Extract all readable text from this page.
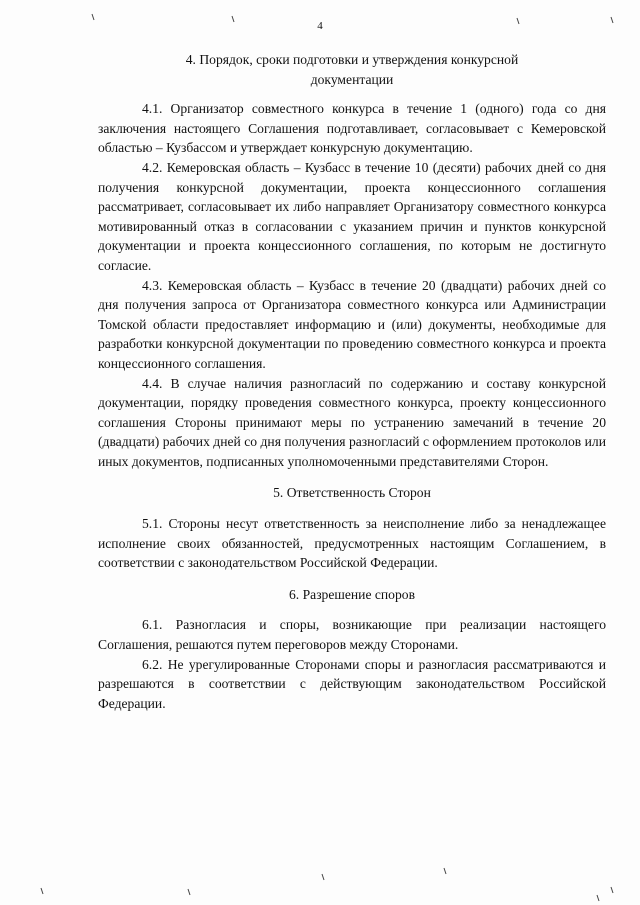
4

4. Порядок, сроки подготовки и утверждения конкурсной
документации

4.1. Организатор совместного конкурса в течение 1 (одного) года со дня заключения настоящего Соглашения подготавливает, согласовывает с Кемеровской областью – Кузбассом и утверждает конкурсную документацию.

4.2. Кемеровская область – Кузбасс в течение 10 (десяти) рабочих дней со дня получения конкурсной документации, проекта концессионного соглашения рассматривает, согласовывает их либо направляет Организатору совместного конкурса мотивированный отказ в согласовании с указанием причин и пунктов конкурсной документации и проекта концессионного соглашения, по которым не достигнуто согласие.

4.3. Кемеровская область – Кузбасс в течение 20 (двадцати) рабочих дней со дня получения запроса от Организатора совместного конкурса или Администрации Томской области предоставляет информацию и (или) документы, необходимые для разработки конкурсной документации по проведению совместного конкурса и проекта концессионного соглашения.

4.4. В случае наличия разногласий по содержанию и составу конкурсной документации, порядку проведения совместного конкурса, проекту концессионного соглашения Стороны принимают меры по устранению замечаний в течение 20 (двадцати) рабочих дней со дня получения разногласий с оформлением протоколов или иных документов, подписанных уполномоченными представителями Сторон.

5. Ответственность Сторон

5.1. Стороны несут ответственность за неисполнение либо за ненадлежащее исполнение своих обязанностей, предусмотренных настоящим Соглашением, в соответствии с законодательством Российской Федерации.

6. Разрешение споров

6.1. Разногласия и споры, возникающие при реализации настоящего Соглашения, решаются путем переговоров между Сторонами.

6.2. Не урегулированные Сторонами споры и разногласия рассматриваются и разрешаются в соответствии с действующим законодательством Российской Федерации.
